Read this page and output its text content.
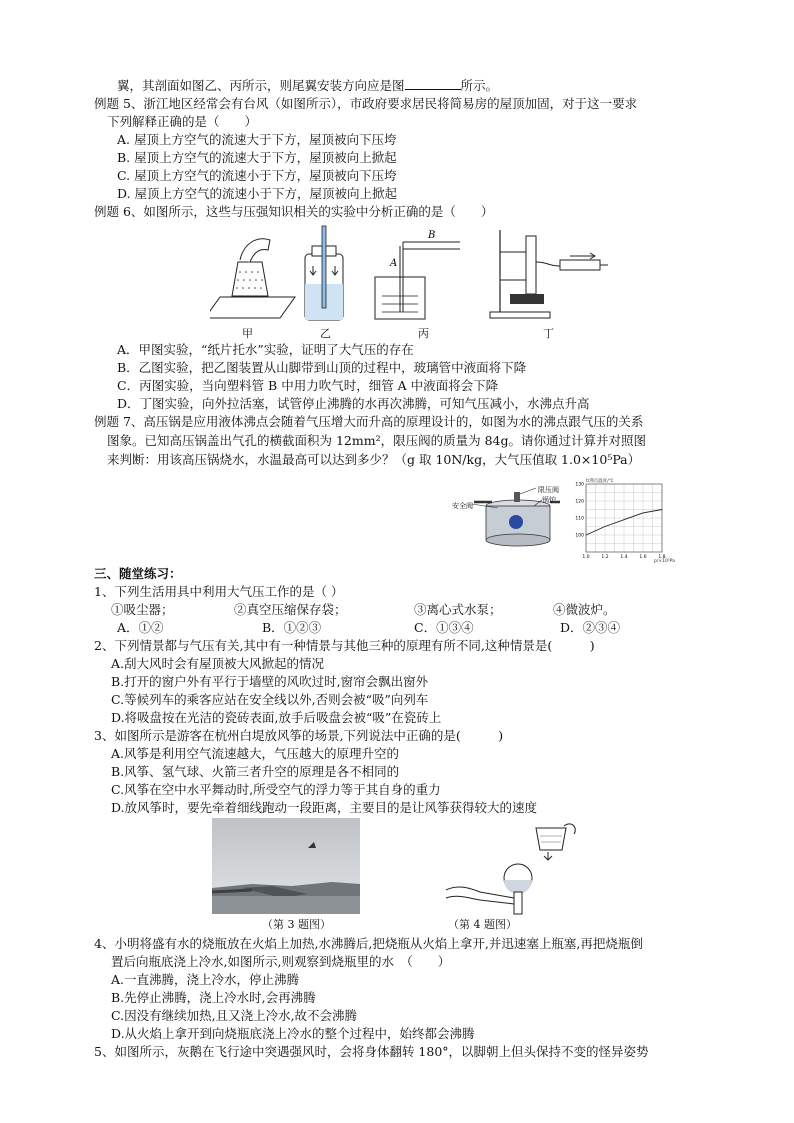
翼，其剖面如图乙、丙所示，则尾翼安装方向应是图	所示。
例题 5、浙江地区经常会有台风（如图所示），市政府要求居民将简易房的屋顶加固，对于这一要求
下列解释正确的是（　　）
A. 屋顶上方空气的流速大于下方，屋顶被向下压垮
B. 屋顶上方空气的流速大于下方，屋顶被向上掀起
C. 屋顶上方空气的流速小于下方，屋顶被向下压垮
D. 屋顶上方空气的流速小于下方，屋顶被向上掀起
例题 6、如图所示，这些与压强知识相关的实验中分析正确的是（　　）
A
B
甲	乙	丙	丁
A．甲图实验，“纸片托水”实验，证明了大气压的存在
B．乙图实验，把乙图装置从山脚带到山顶的过程中，玻璃管中液面将下降
C．丙图实验，当向塑料管 B 中用力吹气时，细管 A 中液面将会下降
D．丁图实验，向外拉活塞，试管停止沸腾的水再次沸腾，可知气压减小，水沸点升高
例题 7、高压锅是应用液体沸点会随着气压增大而升高的原理设计的，如图为水的沸点跟气压的关系
图象。已知高压锅盖出气孔的横截面积为 12mm²，限压阀的质量为 84g。请你通过计算并对照图
来判断：用该高压锅烧水，水温最高可以达到多少？（g 取 10N/kg，大气压值取 1.0×10⁵Pa）
安全阀
限压阀
锅炉
t/沸点温度/℃
130
120
110
100
1.0	1.2	1.4	1.6	1.8
p/×10⁵Pa
三、随堂练习：
1、下列生活用具中利用大气压工作的是（ ）
①吸尘器；	②真空压缩保存袋；	③离心式水泵；	④微波炉。
A．①②	B．①②③	C．①③④	D．②③④
2、下列情景都与气压有关,其中有一种情景与其他三种的原理有所不同,这种情景是(　　　)
A.刮大风时会有屋顶被大风掀起的情况
B.打开的窗户外有平行于墙壁的风吹过时,窗帘会飘出窗外
C.等候列车的乘客应站在安全线以外,否则会被“吸”向列车
D.将吸盘按在光洁的瓷砖表面,放手后吸盘会被“吸”在瓷砖上
3、如图所示是游客在杭州白堤放风筝的场景,下列说法中正确的是(　　　)
A.风筝是利用空气流速越大，气压越大的原理升空的
B.风筝、氢气球、火箭三者升空的原理是各不相同的
C.风筝在空中水平舞动时,所受空气的浮力等于其自身的重力
D.放风筝时，要先牵着细线跑动一段距离，主要目的是让风筝获得较大的速度
（第 3 题图）	（第 4 题图）
4、小明将盛有水的烧瓶放在火焰上加热,水沸腾后,把烧瓶从火焰上拿开,并迅速塞上瓶塞,再把烧瓶倒
置后向瓶底浇上冷水,如图所示,则观察到烧瓶里的水　（　　）
A.一直沸腾，浇上冷水，停止沸腾
B.先停止沸腾，浇上冷水时,会再沸腾
C.因没有继续加热,且又浇上冷水,故不会沸腾
D.从火焰上拿开到向烧瓶底浇上冷水的整个过程中，始终都会沸腾
5、如图所示，灰鹅在飞行途中突遇强风时，会将身体翻转 180°，以脚朝上但头保持不变的怪异姿势
